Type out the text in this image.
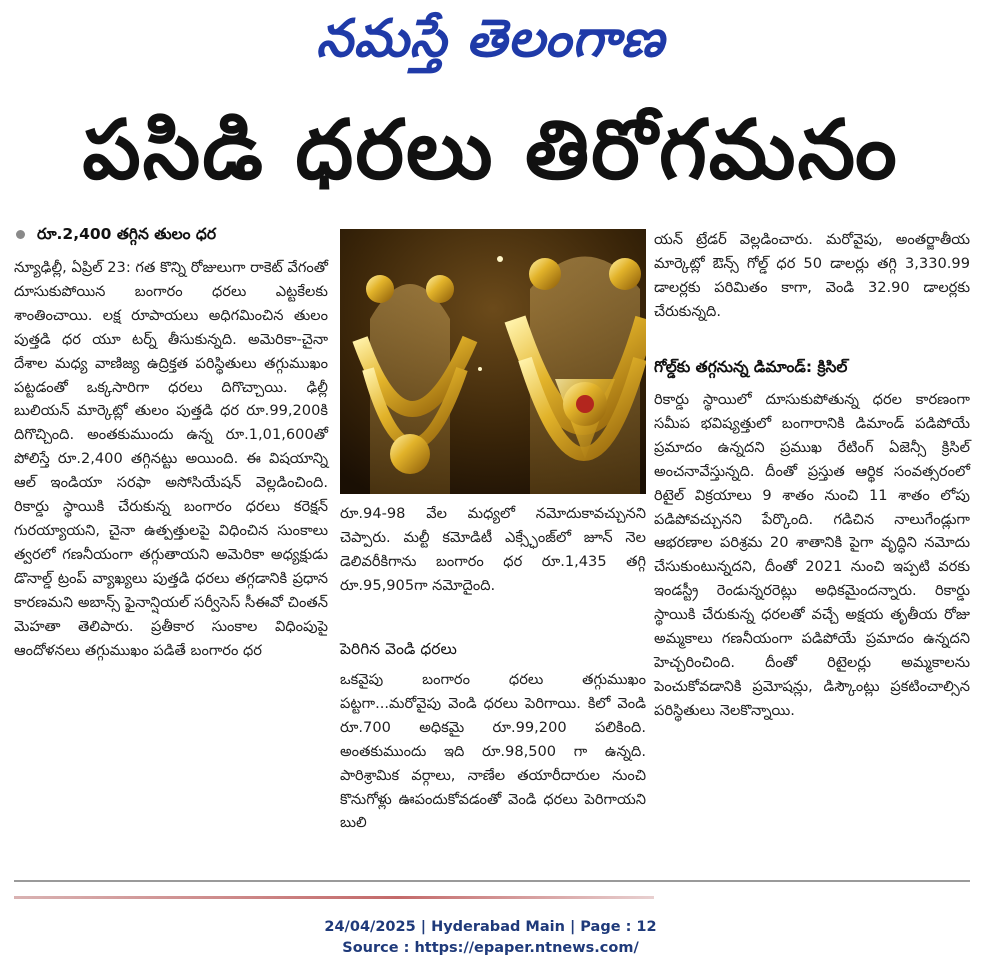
నమస్తే తెలంగాణ
పసిడి ధరలు తిరోగమనం
రూ.2,400 తగ్గిన తులం ధర

న్యూఢిల్లీ, ఏప్రిల్‌ 23: గత కొన్ని రోజులుగా రాకెట్‌ వేగంతో దూసుకుపోయిన బంగారం ధరలు ఎట్టకేలకు శాంతించాయి. లక్ష రూపాయలు అధిగమించిన తులం పుత్తడి ధర యూ టర్న్‌ తీసుకున్నది. అమెరికా-చైనా దేశాల మధ్య వాణిజ్య ఉద్రిక్తత పరిస్థితులు తగ్గుముఖం పట్టడంతో ఒక్కసారిగా ధరలు దిగొచ్చాయి. ఢిల్లీ బులియన్‌ మార్కెట్లో తులం పుత్తడి ధర రూ.99,200కి దిగొచ్చింది. అంతకుముందు ఉన్న రూ.1,01,600తో పోలిస్తే రూ.2,400 తగ్గినట్టు అయింది. ఈ విషయాన్ని ఆల్‌ ఇండియా సరఫా అసోసియేషన్‌ వెల్లడించింది. రికార్డు స్థాయికి చేరుకున్న బంగారం ధరలు కరెక్షన్‌ గురయ్యాయని, చైనా ఉత్పత్తులపై విధించిన సుంకాలు త్వరలో గణనీయంగా తగ్గుతాయని అమెరికా అధ్యక్షుడు డొనాల్డ్‌ ట్రంప్‌ వ్యాఖ్యలు పుత్తడి ధరలు తగ్గడానికి ప్రధాన కారణమని అబాన్స్‌ ఫైనాన్షియల్‌ సర్వీసెస్‌ సీఈవో చింతన్‌ మెహతా తెలిపారు. ప్రతీకార సుంకాల విధింపుపై ఆందోళనలు తగ్గుముఖం పడితే బంగారం ధర

రూ.94-98 వేల మధ్యలో నమోదుకావచ్చునని చెప్పారు. మల్టీ కమోడిటీ ఎక్స్ఛేంజ్‌లో జూన్‌ నెల డెలివరీకిగాను బంగారం ధర రూ.1,435 తగ్గి రూ.95,905గా నమోదైంది.

పెరిగిన వెండి ధరలు

ఒకవైపు బంగారం ధరలు తగ్గుముఖం పట్టగా...మరోవైపు వెండి ధరలు పెరిగాయి. కిలో వెండి రూ.700 అధికమై రూ.99,200 పలికింది. అంతకుముందు ఇది రూ.98,500 గా ఉన్నది. పారిశ్రామిక వర్గాలు, నాణేల తయారీదారుల నుంచి కొనుగోళ్లు ఊపందుకోవడంతో వెండి ధరలు పెరిగాయని బులి

యన్‌ ట్రేడర్‌ వెల్లడించారు. మరోవైపు, అంతర్జాతీయ మార్కెట్లో ఔన్స్‌ గోల్డ్‌ ధర 50 డాలర్లు తగ్గి 3,330.99 డాలర్లకు పరిమితం కాగా, వెండి 32.90 డాలర్లకు చేరుకున్నది.

గోల్డ్‌కు తగ్గనున్న డిమాండ్‌: క్రిసిల్‌

రికార్డు స్థాయిలో దూసుకుపోతున్న ధరల కారణంగా సమీప భవిష్యత్తులో బంగారానికి డిమాండ్‌ పడిపోయే ప్రమాదం ఉన్నదని ప్రముఖ రేటింగ్‌ ఏజెన్సీ క్రిసిల్‌ అంచనావేస్తున్నది. దీంతో ప్రస్తుత ఆర్థిక సంవత్సరంలో రిటైల్‌ విక్రయాలు 9 శాతం నుంచి 11 శాతం లోపు పడిపోవచ్చునని పేర్కొంది. గడిచిన నాలుగేండ్లుగా ఆభరణాల పరిశ్రమ 20 శాతానికి పైగా వృద్ధిని నమోదు చేసుకుంటున్నదని, దీంతో 2021 నుంచి ఇప్పటి వరకు ఇండస్ట్రీ రెండున్నరరెట్లు అధికమైందన్నారు. రికార్డు స్థాయికి చేరుకున్న ధరలతో వచ్చే అక్షయ తృతీయ రోజు అమ్మకాలు గణనీయంగా పడిపోయే ప్రమాదం ఉన్నదని హెచ్చరించింది. దీంతో రిటైలర్లు అమ్మకాలను పెంచుకోవడానికి ప్రమోషన్లు, డిస్కౌంట్లు ప్రకటించాల్సిన పరిస్థితులు నెలకొన్నాయి.

24/04/2025 | Hyderabad Main | Page : 12
Source : https://epaper.ntnews.com/
